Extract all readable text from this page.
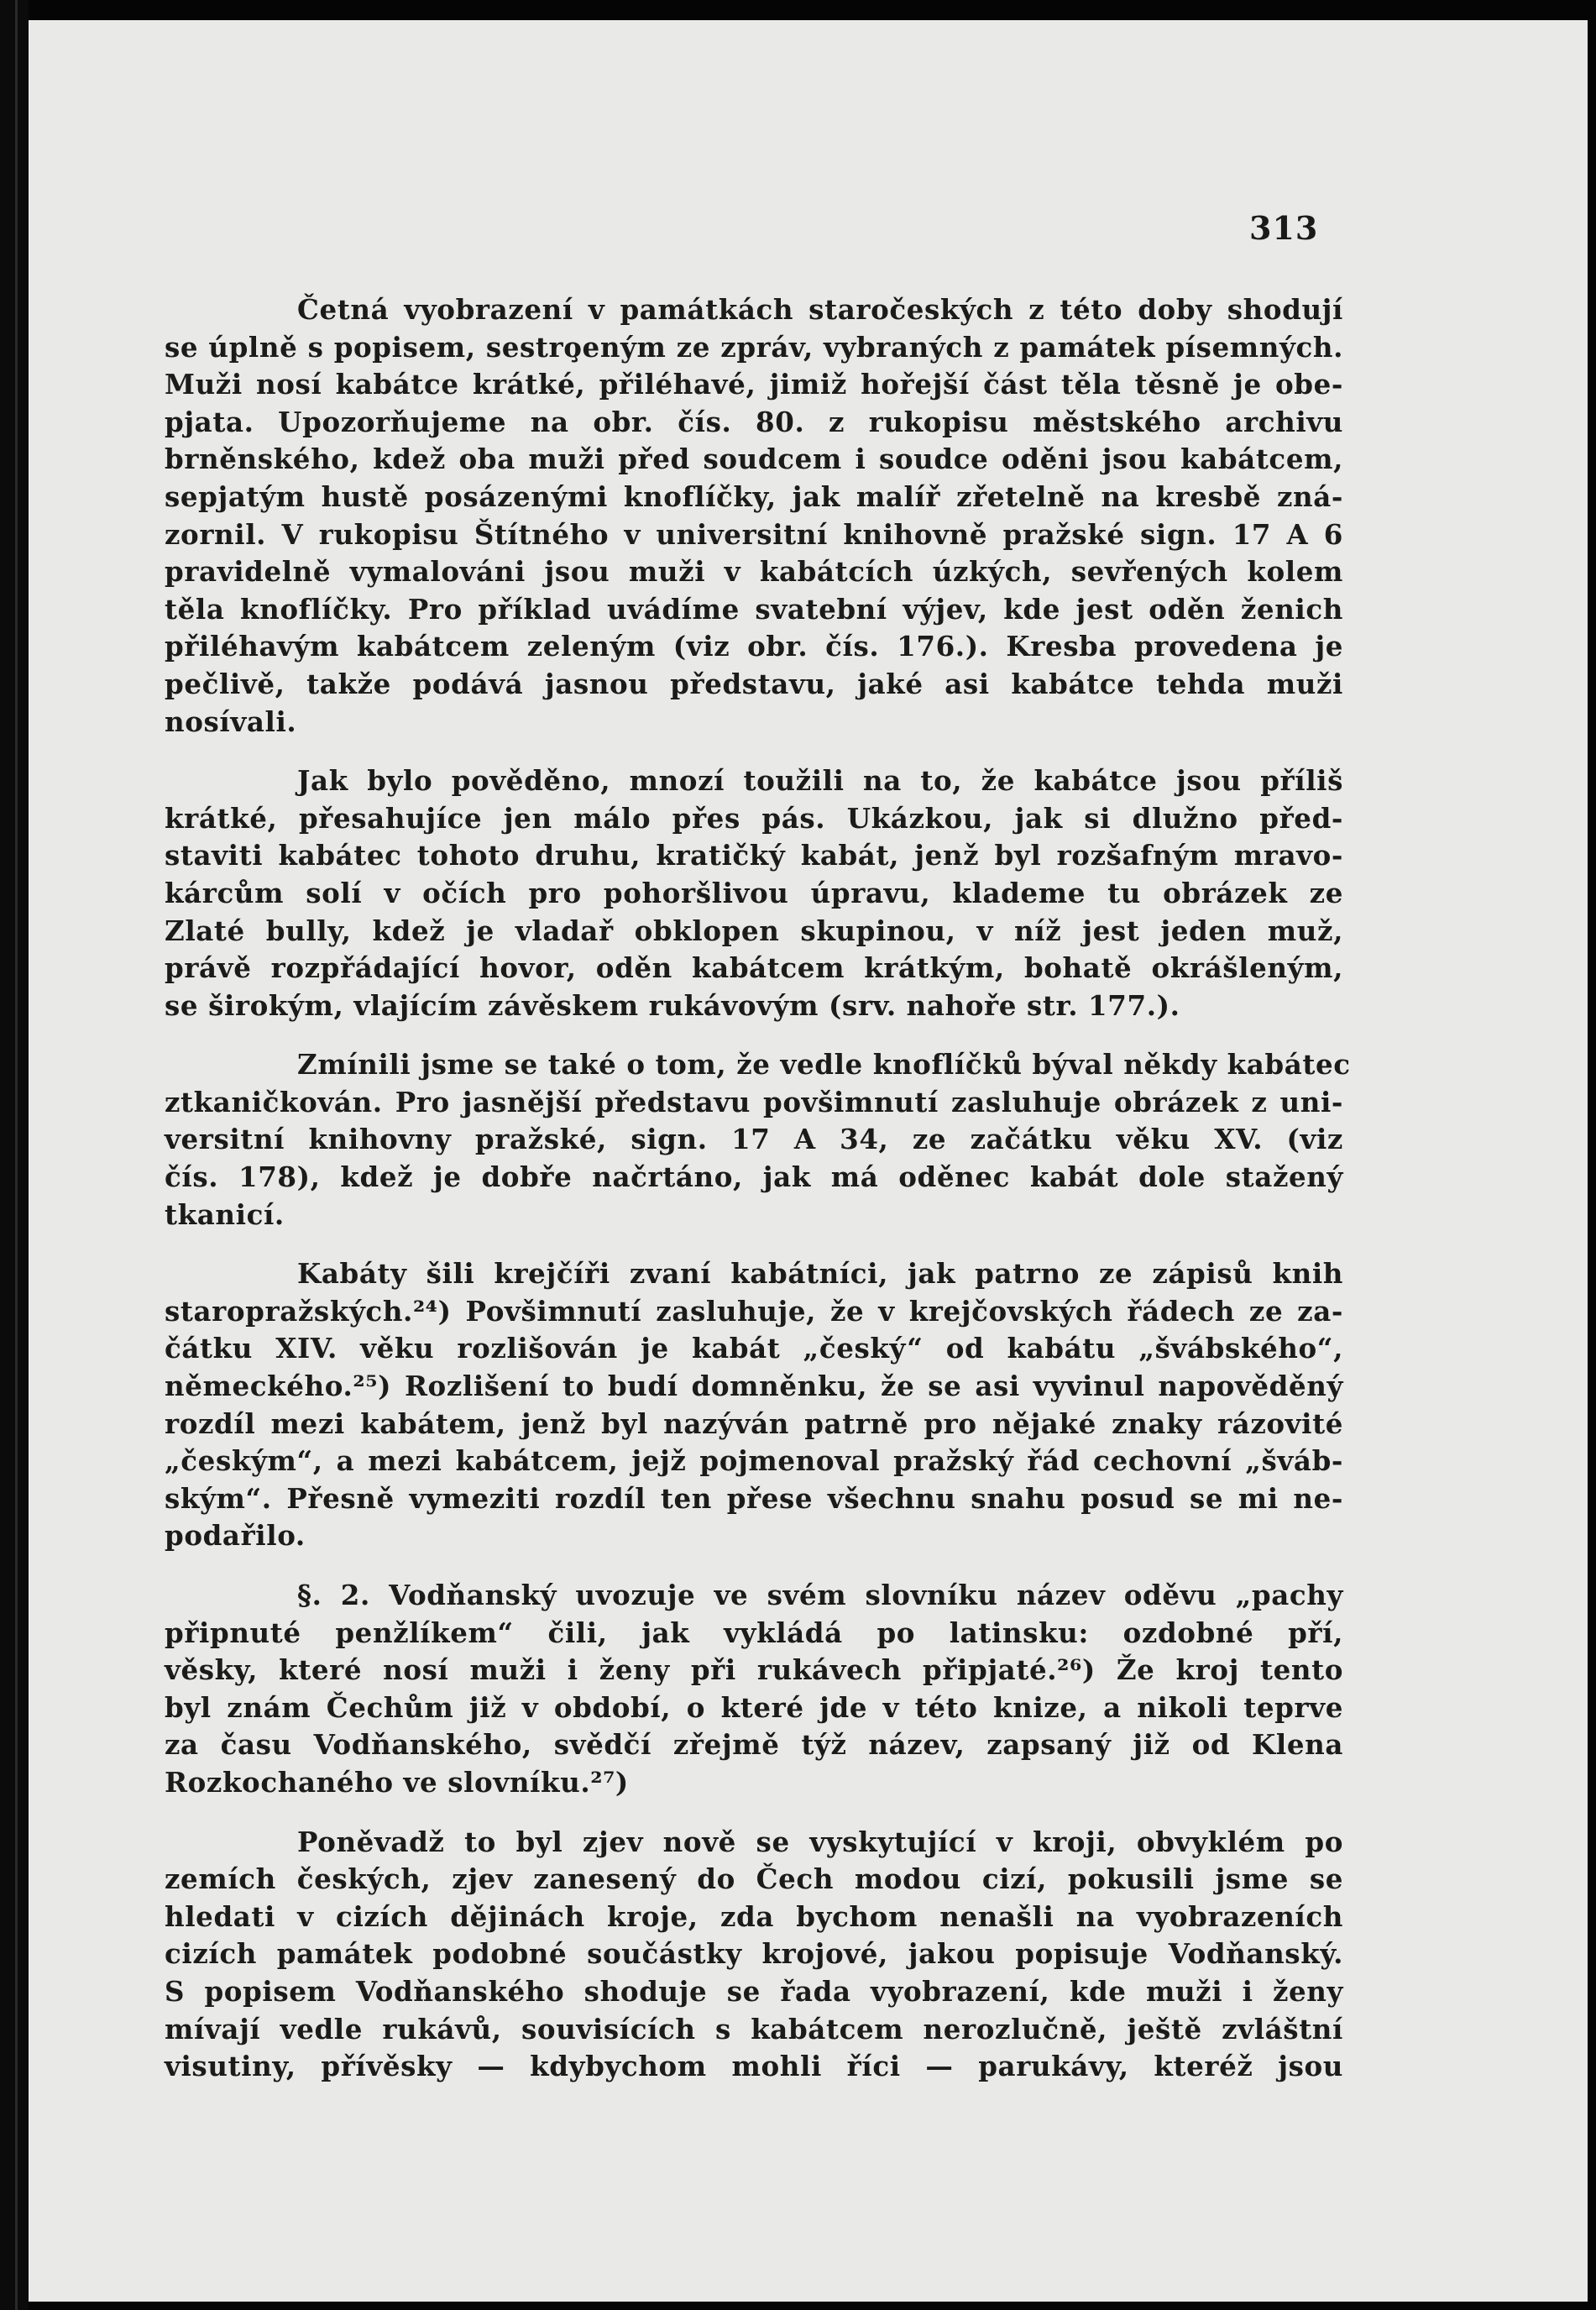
313
Četná vyobrazení v památkách staročeských z této doby shodují
se úplně s popisem, sestro̧eným ze zpráv, vybraných z památek písemných.
Muži nosí kabátce krátké, přiléhavé, jimiž hořejší část těla těsně je obe-
pjata. Upozorňujeme na obr. čís. 80. z rukopisu městského archivu
brněnského, kdež oba muži před soudcem i soudce oděni jsou kabátcem,
sepjatým hustě posázenými knoflíčky, jak malíř zřetelně na kresbě zná-
zornil. V rukopisu Štítného v universitní knihovně pražské sign. 17 A 6
pravidelně vymalováni jsou muži v kabátcích úzkých, sevřených kolem
těla knoflíčky. Pro příklad uvádíme svatební výjev, kde jest oděn ženich
přiléhavým kabátcem zeleným (viz obr. čís. 176.). Kresba provedena je
pečlivě, takže podává jasnou představu, jaké asi kabátce tehda muži
nosívali.
Jak bylo pověděno, mnozí toužili na to, že kabátce jsou příliš
krátké, přesahujíce jen málo přes pás. Ukázkou, jak si dlužno před-
staviti kabátec tohoto druhu, kratičký kabát, jenž byl rozšafným mravo-
kárcům solí v očích pro pohoršlivou úpravu, klademe tu obrázek ze
Zlaté bully, kdež je vladař obklopen skupinou, v níž jest jeden muž,
právě rozpřádající hovor, oděn kabátcem krátkým, bohatě okrášleným,
se širokým, vlajícím závěskem rukávovým (srv. nahoře str. 177.).
Zmínili jsme se také o tom, že vedle knoflíčků býval někdy kabátec
ztkaničkován. Pro jasnější představu povšimnutí zasluhuje obrázek z uni-
versitní knihovny pražské, sign. 17 A 34, ze začátku věku XV. (viz
čís. 178), kdež je dobře načrtáno, jak má oděnec kabát dole stažený
tkanicí.
Kabáty šili krejčíři zvaní kabátníci, jak patrno ze zápisů knih
staropražských.²⁴) Povšimnutí zasluhuje, že v krejčovských řádech ze za-
čátku XIV. věku rozlišován je kabát „český“ od kabátu „švábského“,
německého.²⁵) Rozlišení to budí domněnku, že se asi vyvinul napověděný
rozdíl mezi kabátem, jenž byl nazýván patrně pro nějaké znaky rázovité
„českým“, a mezi kabátcem, jejž pojmenoval pražský řád cechovní „šváb-
ským“. Přesně vymeziti rozdíl ten přese všechnu snahu posud se mi ne-
podařilo.
§. 2. Vodňanský uvozuje ve svém slovníku název oděvu „pachy
připnuté penžlíkem“ čili, jak vykládá po latinsku: ozdobné pří,
věsky, které nosí muži i ženy při rukávech připjaté.²⁶) Že kroj tento
byl znám Čechům již v období, o které jde v této knize, a nikoli teprve
za času Vodňanského, svědčí zřejmě týž název, zapsaný již od Klena
Rozkochaného ve slovníku.²⁷)
Poněvadž to byl zjev nově se vyskytující v kroji, obvyklém po
zemích českých, zjev zanesený do Čech modou cizí, pokusili jsme se
hledati v cizích dějinách kroje, zda bychom nenašli na vyobrazeních
cizích památek podobné součástky krojové, jakou popisuje Vodňanský.
S popisem Vodňanského shoduje se řada vyobrazení, kde muži i ženy
mívají vedle rukávů, souvisících s kabátcem nerozlučně, ještě zvláštní
visutiny, přívěsky — kdybychom mohli říci — parukávy, kteréž jsou
